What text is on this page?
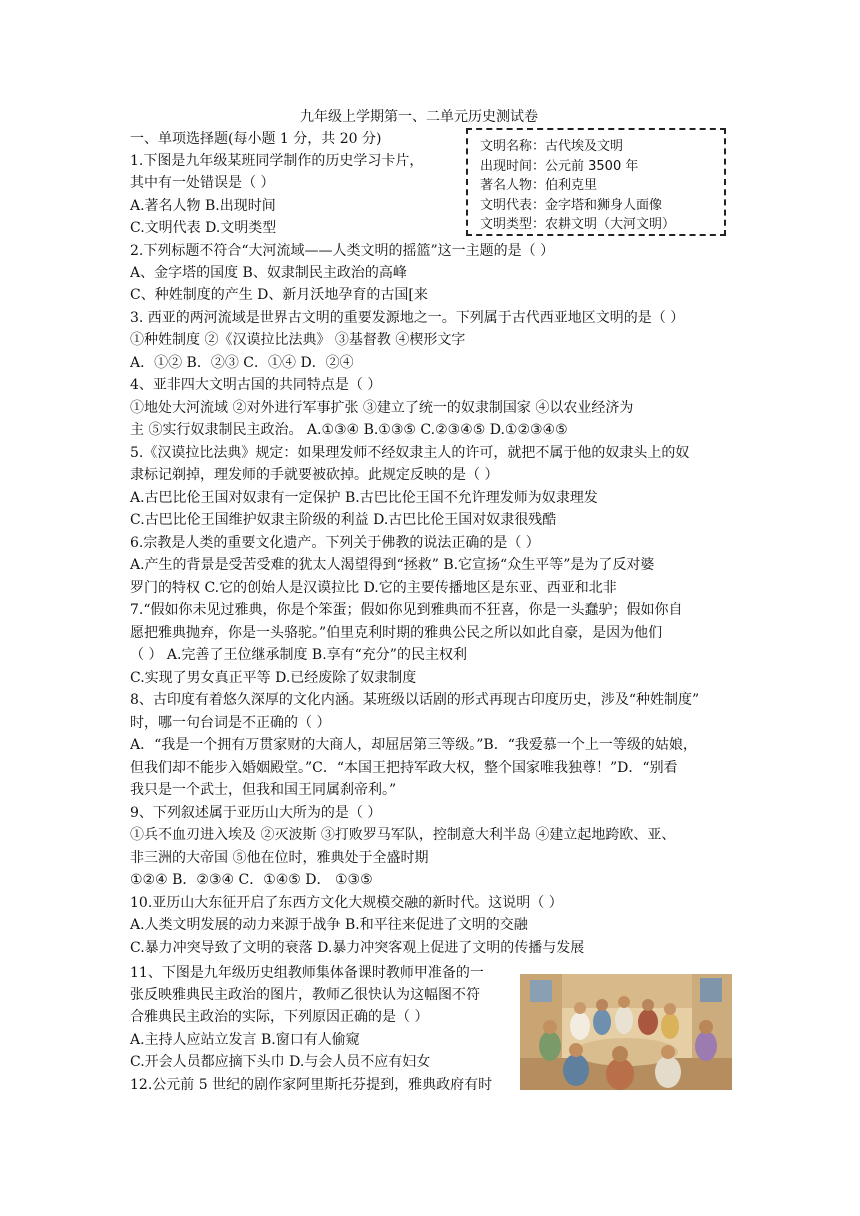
九年级上学期第一、二单元历史测试卷
文明名称：古代埃及文明
出现时间：公元前 3500 年
著名人物：伯利克里
文明代表：金字塔和狮身人面像
文明类型：农耕文明（大河文明）
一、单项选择题(每小题 1 分，共 20 分)
1.下图是九年级某班同学制作的历史学习卡片，
其中有一处错误是（ ）
A.著名人物 B.出现时间
C.文明代表 D.文明类型
2.下列标题不符合“大河流域——人类文明的摇篮”这一主题的是（ ）
A、金字塔的国度 B、奴隶制民主政治的高峰
C、种姓制度的产生 D、新月沃地孕育的古国[来
3. 西亚的两河流域是世界古文明的重要发源地之一。下列属于古代西亚地区文明的是（ ）
①种姓制度 ②《汉谟拉比法典》 ③基督教 ④楔形文字
A．①② B．②③ C．①④ D．②④
4、亚非四大文明古国的共同特点是（ ）
①地处大河流域 ②对外进行军事扩张 ③建立了统一的奴隶制国家 ④以农业经济为
主 ⑤实行奴隶制民主政治。 A.①③④ B.①③⑤ C.②③④⑤ D.①②③④⑤
5.《汉谟拉比法典》规定：如果理发师不经奴隶主人的许可，就把不属于他的奴隶头上的奴
隶标记剃掉，理发师的手就要被砍掉。此规定反映的是（ ）
A.古巴比伦王国对奴隶有一定保护 B.古巴比伦王国不允许理发师为奴隶理发
C.古巴比伦王国维护奴隶主阶级的利益 D.古巴比伦王国对奴隶很残酷
6.宗教是人类的重要文化遗产。下列关于佛教的说法正确的是（ ）
A.产生的背景是受苦受难的犹太人渴望得到“拯救” B.它宣扬“众生平等”是为了反对婆
罗门的特权 C.它的创始人是汉谟拉比 D.它的主要传播地区是东亚、西亚和北非
7.“假如你未见过雅典，你是个笨蛋；假如你见到雅典而不狂喜，你是一头蠢驴；假如你自
愿把雅典抛弃，你是一头骆驼。”伯里克利时期的雅典公民之所以如此自豪，是因为他们
（ ） A.完善了王位继承制度 B.享有“充分”的民主权利
C.实现了男女真正平等 D.已经废除了奴隶制度
8、古印度有着悠久深厚的文化内涵。某班级以话剧的形式再现古印度历史，涉及“种姓制度”
时，哪一句台词是不正确的（ ）
A．“我是一个拥有万贯家财的大商人，却屈居第三等级。”B．“我爱慕一个上一等级的姑娘，
但我们却不能步入婚姻殿堂。”C．“本国王把持军政大权，整个国家唯我独尊！”D．“别看
我只是一个武士，但我和国王同属刹帝利。”
9、下列叙述属于亚历山大所为的是（ ）
①兵不血刃进入埃及 ②灭波斯 ③打败罗马军队，控制意大利半岛 ④建立起地跨欧、亚、
非三洲的大帝国 ⑤他在位时，雅典处于全盛时期
①②④ B．②③④ C．①④⑤ D． ①③⑤
10.亚历山大东征开启了东西方文化大规模交融的新时代。这说明（ ）
A.人类文明发展的动力来源于战争 B.和平往来促进了文明的交融
C.暴力冲突导致了文明的衰落 D.暴力冲突客观上促进了文明的传播与发展
11、下图是九年级历史组教师集体备课时教师甲准备的一
张反映雅典民主政治的图片，教师乙很快认为这幅图不符
合雅典民主政治的实际，下列原因正确的是（ ）
A.主持人应站立发言 B.窗口有人偷窥
C.开会人员都应摘下头巾 D.与会人员不应有妇女
12.公元前 5 世纪的剧作家阿里斯托芬提到，雅典政府有时
